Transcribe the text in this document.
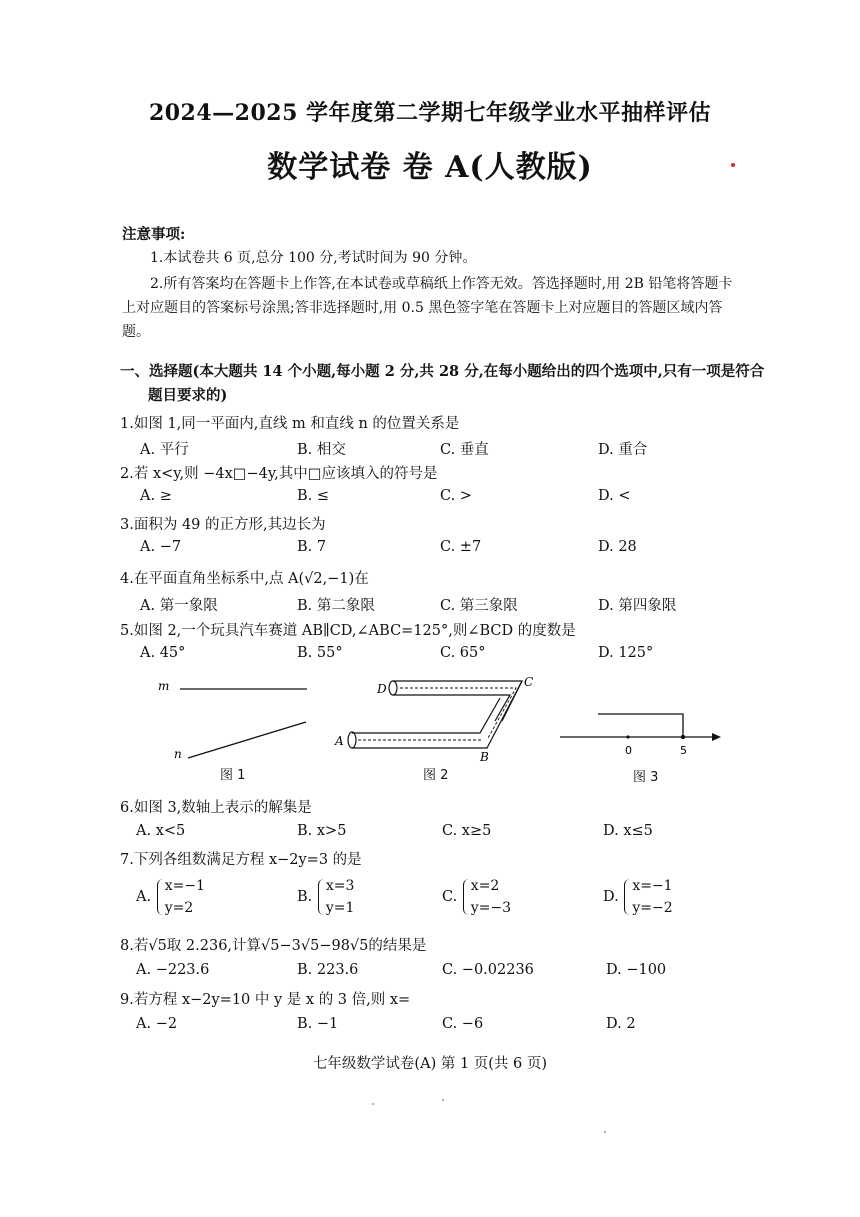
2024—2025 学年度第二学期七年级学业水平抽样评估
数学试卷 卷 A(人教版)
注意事项:
1.本试卷共 6 页,总分 100 分,考试时间为 90 分钟。
2.所有答案均在答题卡上作答,在本试卷或草稿纸上作答无效。答选择题时,用 2B 铅笔将答题卡上对应题目的答案标号涂黑;答非选择题时,用 0.5 黑色签字笔在答题卡上对应题目的答题区域内答题。
一、选择题(本大题共 14 个小题,每小题 2 分,共 28 分,在每小题给出的四个选项中,只有一项是符合题目要求的)
1.如图 1,同一平面内,直线 m 和直线 n 的位置关系是
A. 平行	B. 相交	C. 垂直	D. 重合
2.若 x<y,则 −4x□−4y,其中□应该填入的符号是
A. ≥	B. ≤	C. >	D. <
3.面积为 49 的正方形,其边长为
A. −7	B. 7	C. ±7	D. 28
4.在平面直角坐标系中,点 A(√2,−1)在
A. 第一象限	B. 第二象限	C. 第三象限	D. 第四象限
5.如图 2,一个玩具汽车赛道 AB∥CD,∠ABC=125°,则∠BCD 的度数是
A. 45°	B. 55°	C. 65°	D. 125°
m
n
图 1
D	C
A
B
图 2
0	5
图 3
6.如图 3,数轴上表示的解集是
A. x<5	B. x>5	C. x≥5	D. x≤5
7.下列各组数满足方程 x−2y=3 的是
A.
x=−1
y=2
B.
x=3
y=1
C.
x=2
y=−3
D.
x=−1
y=−2
8.若√5取 2.236,计算√5−3√5−98√5的结果是
A. −223.6	B. 223.6	C. −0.02236	D. −100
9.若方程 x−2y=10 中 y 是 x 的 3 倍,则 x=
A. −2	B. −1	C. −6	D. 2
七年级数学试卷(A) 第 1 页(共 6 页)
